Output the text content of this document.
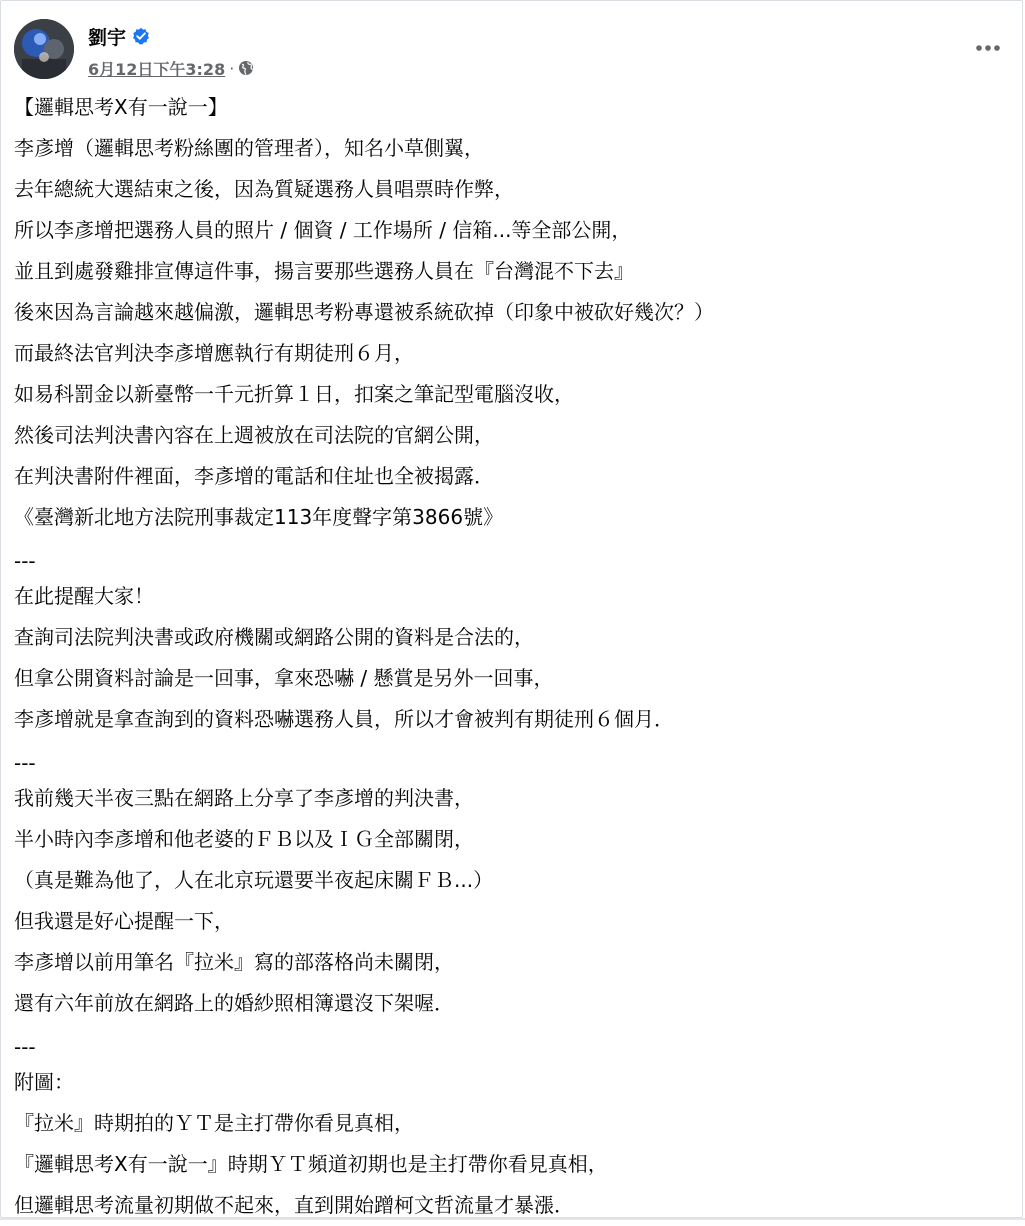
劉宇
6月12日下午3:28 ·
【邏輯思考X有一說一】
李彥增（邏輯思考粉絲團的管理者），知名小草側翼，
去年總統大選結束之後，因為質疑選務人員唱票時作弊，
所以李彥增把選務人員的照片 / 個資 / 工作場所 / 信箱...等全部公開，
並且到處發雞排宣傳這件事，揚言要那些選務人員在『台灣混不下去』
後來因為言論越來越偏激，邏輯思考粉專還被系統砍掉（印象中被砍好幾次？）
而最終法官判決李彥增應執行有期徒刑６月，
如易科罰金以新臺幣一千元折算１日，扣案之筆記型電腦沒收，
然後司法判決書內容在上週被放在司法院的官網公開，
在判決書附件裡面，李彥增的電話和住址也全被揭露．
《臺灣新北地方法院刑事裁定113年度聲字第3866號》
---
在此提醒大家！
查詢司法院判決書或政府機關或網路公開的資料是合法的，
但拿公開資料討論是一回事，拿來恐嚇 / 懸賞是另外一回事，
李彥增就是拿查詢到的資料恐嚇選務人員，所以才會被判有期徒刑６個月．
---
我前幾天半夜三點在網路上分享了李彥增的判決書，
半小時內李彥增和他老婆的ＦＢ以及ＩＧ全部關閉，
（真是難為他了，人在北京玩還要半夜起床關ＦＢ...）
但我還是好心提醒一下，
李彥增以前用筆名『拉米』寫的部落格尚未關閉，
還有六年前放在網路上的婚紗照相簿還沒下架喔．
---
附圖：
『拉米』時期拍的ＹＴ是主打帶你看見真相，
『邏輯思考X有一說一』時期ＹＴ頻道初期也是主打帶你看見真相，
但邏輯思考流量初期做不起來，直到開始蹭柯文哲流量才暴漲．
